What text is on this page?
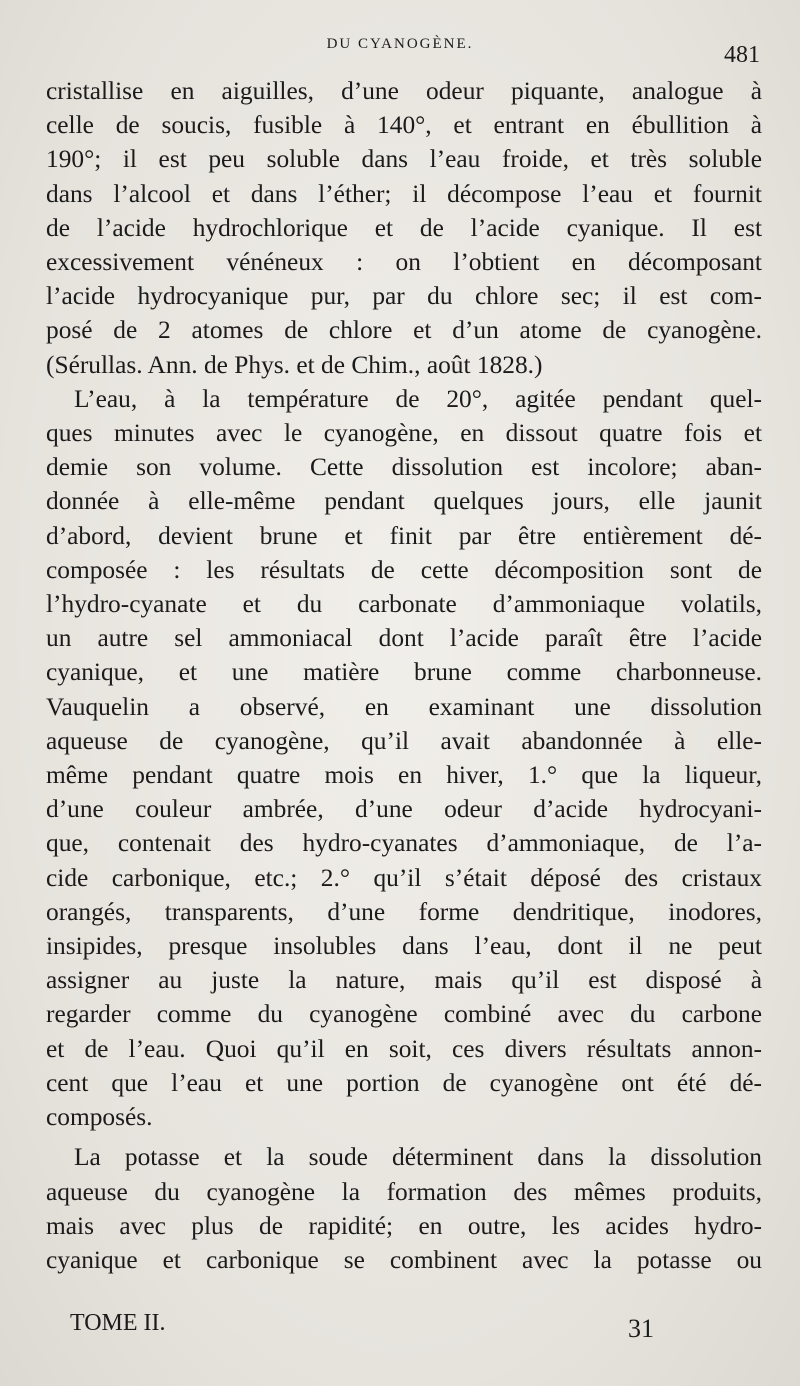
DU CYANOGÈNE.	481
cristallise en aiguilles, d’une odeur piquante, analogue à
celle de soucis, fusible à 140°, et entrant en ébullition à
190°; il est peu soluble dans l’eau froide, et très soluble
dans l’alcool et dans l’éther; il décompose l’eau et fournit
de l’acide hydrochlorique et de l’acide cyanique. Il est
excessivement vénéneux : on l’obtient en décomposant
l’acide hydrocyanique pur, par du chlore sec; il est com-
posé de 2 atomes de chlore et d’un atome de cyanogène.
(Sérullas. Ann. de Phys. et de Chim., août 1828.)
L’eau, à la température de 20°, agitée pendant quel-
ques minutes avec le cyanogène, en dissout quatre fois et
demie son volume. Cette dissolution est incolore; aban-
donnée à elle-même pendant quelques jours, elle jaunit
d’abord, devient brune et finit par être entièrement dé-
composée : les résultats de cette décomposition sont de
l’hydro-cyanate et du carbonate d’ammoniaque volatils,
un autre sel ammoniacal dont l’acide paraît être l’acide
cyanique, et une matière brune comme charbonneuse.
Vauquelin a observé, en examinant une dissolution
aqueuse de cyanogène, qu’il avait abandonnée à elle-
même pendant quatre mois en hiver, 1.° que la liqueur,
d’une couleur ambrée, d’une odeur d’acide hydrocyani-
que, contenait des hydro-cyanates d’ammoniaque, de l’a-
cide carbonique, etc.; 2.° qu’il s’était déposé des cristaux
orangés, transparents, d’une forme dendritique, inodores,
insipides, presque insolubles dans l’eau, dont il ne peut
assigner au juste la nature, mais qu’il est disposé à
regarder comme du cyanogène combiné avec du carbone
et de l’eau. Quoi qu’il en soit, ces divers résultats annon-
cent que l’eau et une portion de cyanogène ont été dé-
composés.
La potasse et la soude déterminent dans la dissolution
aqueuse du cyanogène la formation des mêmes produits,
mais avec plus de rapidité; en outre, les acides hydro-
cyanique et carbonique se combinent avec la potasse ou
TOME II.	31
